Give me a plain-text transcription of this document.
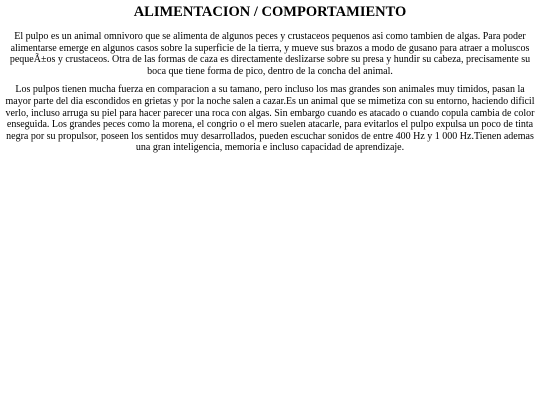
ALIMENTACION / COMPORTAMIENTO

El pulpo es un animal omnivoro que se alimenta de algunos peces y crustaceos pequenos asi como tambien de algas. Para poder
alimentarse emerge en algunos casos sobre la superficie de la tierra, y mueve sus brazos a modo de gusano para atraer a moluscos
pequeÃ±os y crustaceos. Otra de las formas de caza es directamente deslizarse sobre su presa y hundir su cabeza, precisamente su
boca que tiene forma de pico, dentro de la concha del animal.

Los pulpos tienen mucha fuerza en comparacion a su tamano, pero incluso los mas grandes son animales muy timidos, pasan la
mayor parte del dia escondidos en grietas y por la noche salen a cazar.Es un animal que se mimetiza con su entorno, haciendo dificil
verlo, incluso arruga su piel para hacer parecer una roca con algas. Sin embargo cuando es atacado o cuando copula cambia de color
enseguida. Los grandes peces como la morena, el congrio o el mero suelen atacarle, para evitarlos el pulpo expulsa un poco de tinta
negra por su propulsor, poseen los sentidos muy desarrollados, pueden escuchar sonidos de entre 400 Hz y 1 000 Hz.Tienen ademas
una gran inteligencia, memoria e incluso capacidad de aprendizaje.
